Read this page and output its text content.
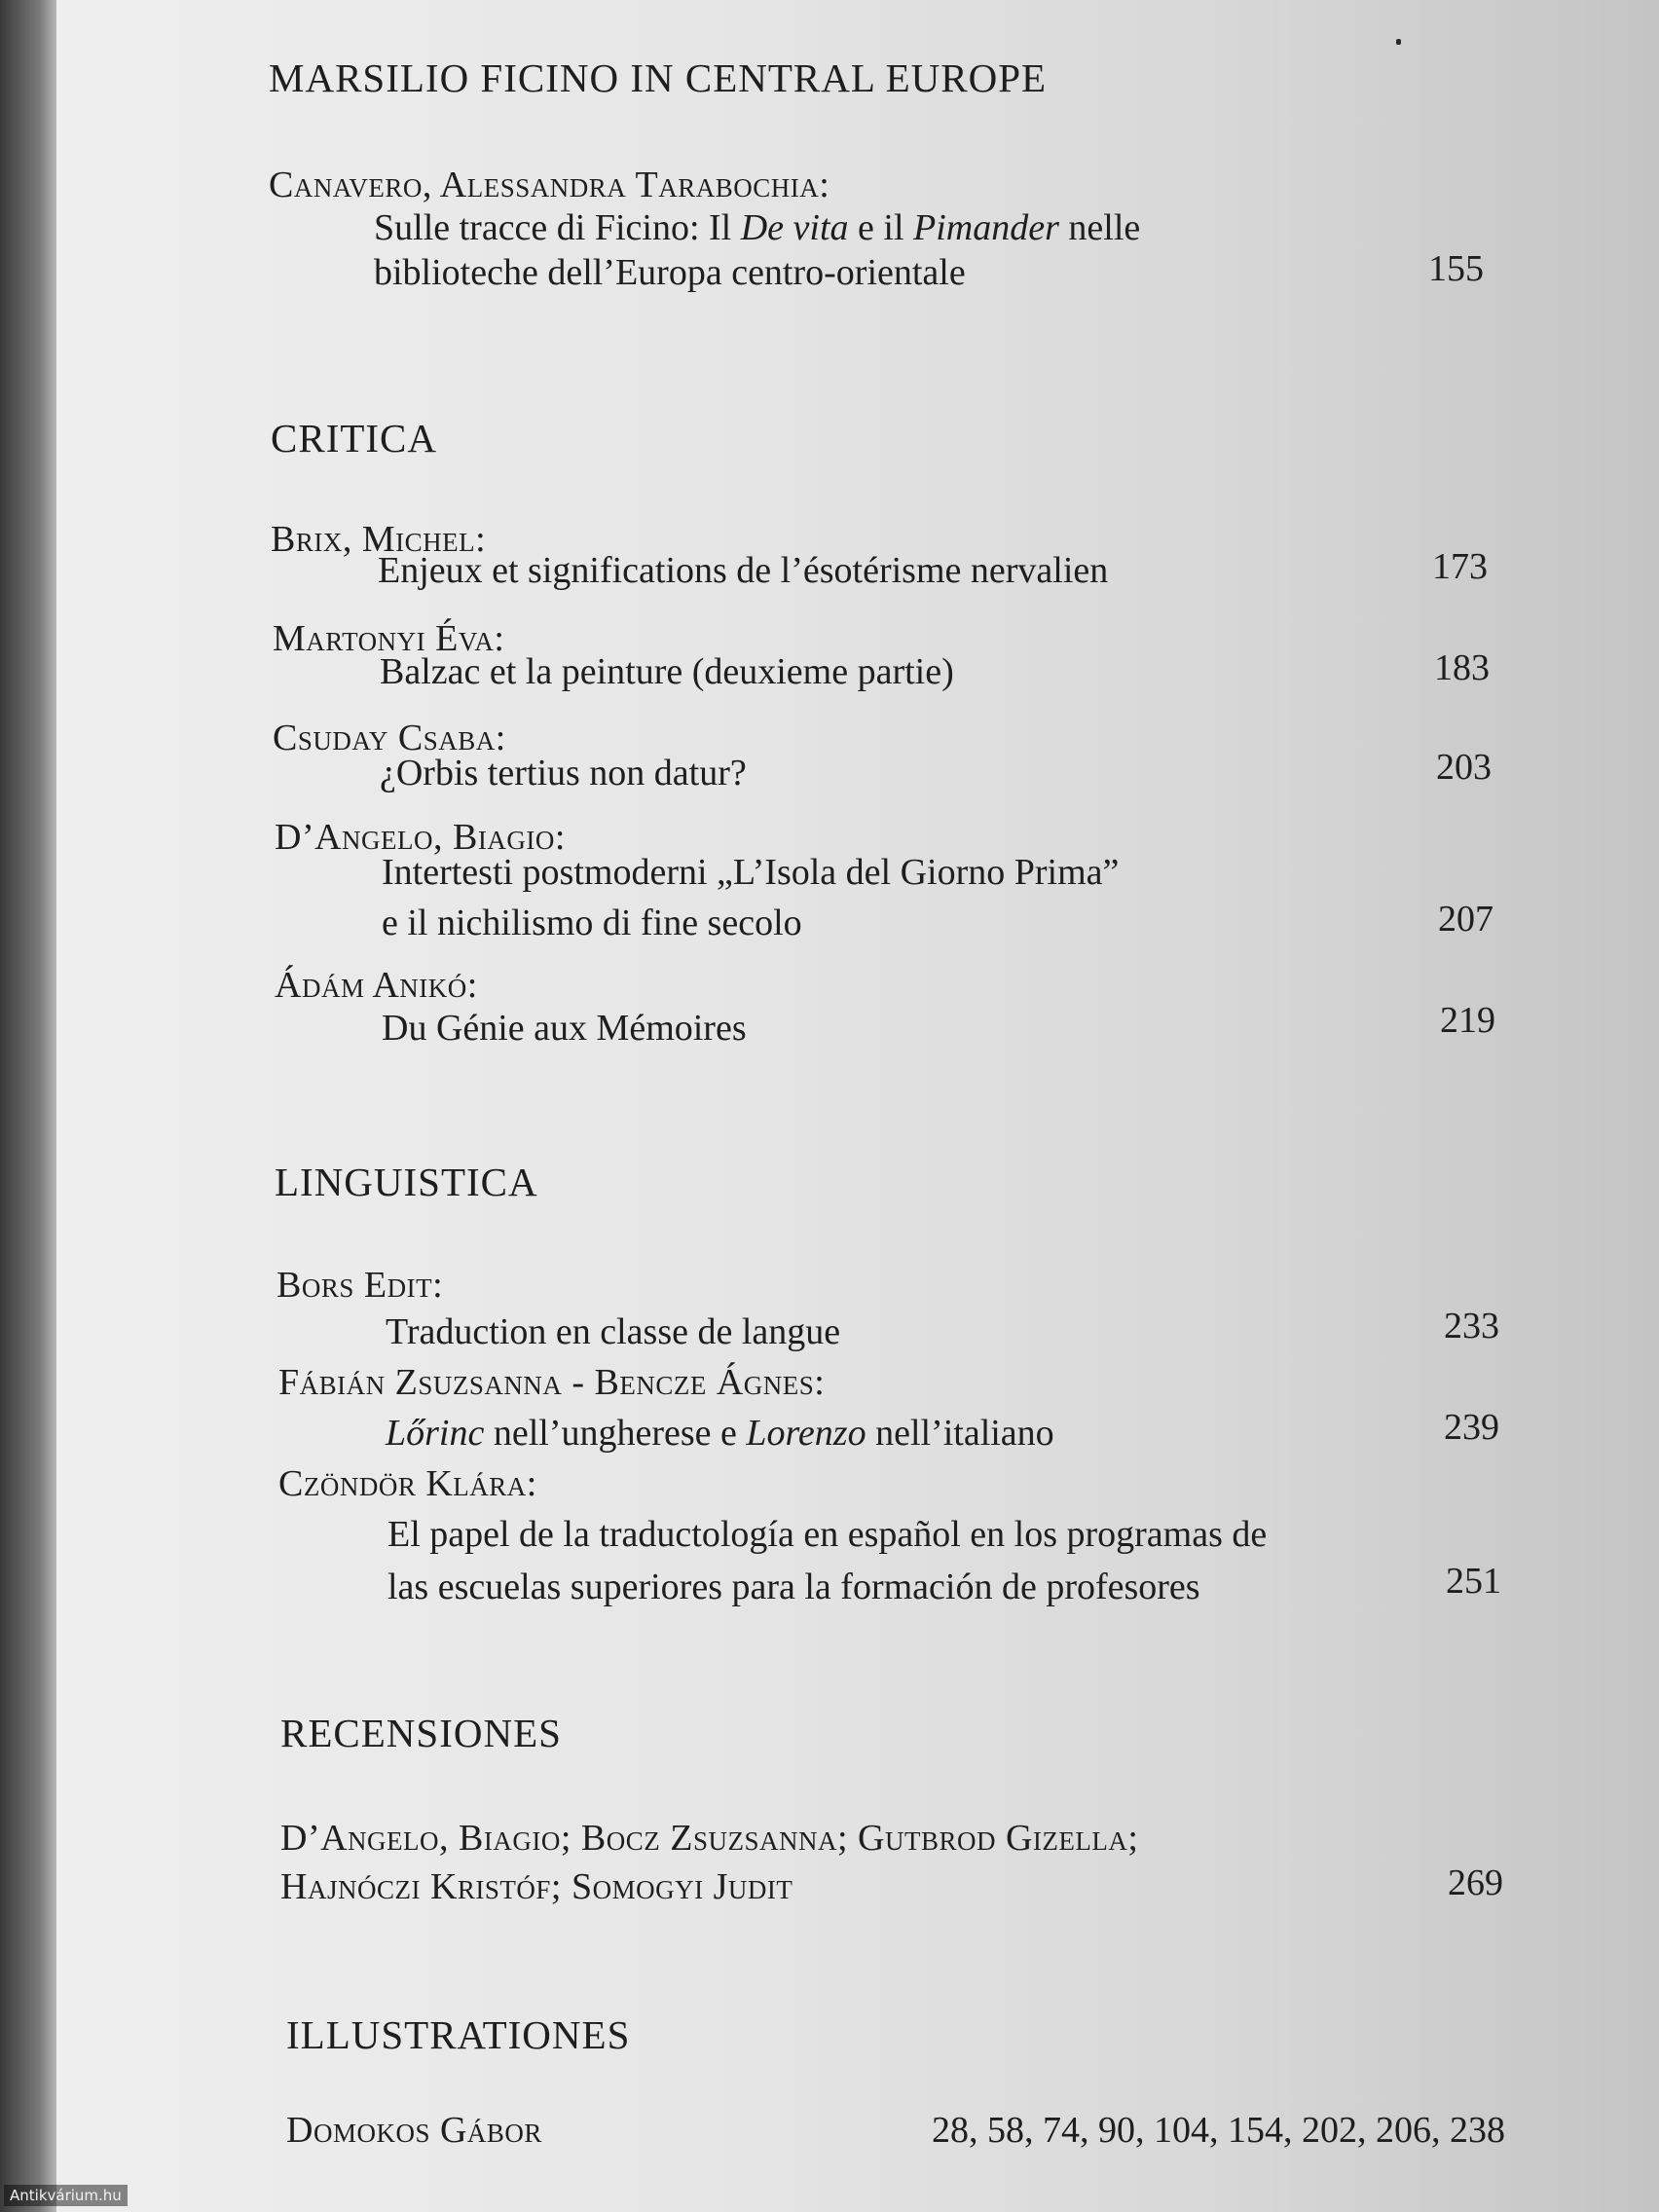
MARSILIO FICINO IN CENTRAL EUROPE
Canavero, Alessandra Tarabochia:
Sulle tracce di Ficino: Il De vita e il Pimander nelle
biblioteche dell’Europa centro-orientale	155
CRITICA
Brix, Michel:
Enjeux et significations de l’ésotérisme nervalien	173
Martonyi Éva:
Balzac et la peinture (deuxieme partie)	183
Csuday Csaba:
¿Orbis tertius non datur?	203
D’Angelo, Biagio:
Intertesti postmoderni „L’Isola del Giorno Prima”
e il nichilismo di fine secolo	207
Ádám Anikó:
Du Génie aux Mémoires	219
LINGUISTICA
Bors Edit:
Traduction en classe de langue	233
Fábián Zsuzsanna - Bencze Ágnes:
Lőrinc nell’ungherese e Lorenzo nell’italiano	239
Czöndör Klára:
El papel de la traductología en español en los programas de
las escuelas superiores para la formación de profesores	251
RECENSIONES
D’Angelo, Biagio; Bocz Zsuzsanna; Gutbrod Gizella;
Hajnóczi Kristóf; Somogyi Judit	269
ILLUSTRATIONES
Domokos Gábor	28, 58, 74, 90, 104, 154, 202, 206, 238
Antikvárium.hu
